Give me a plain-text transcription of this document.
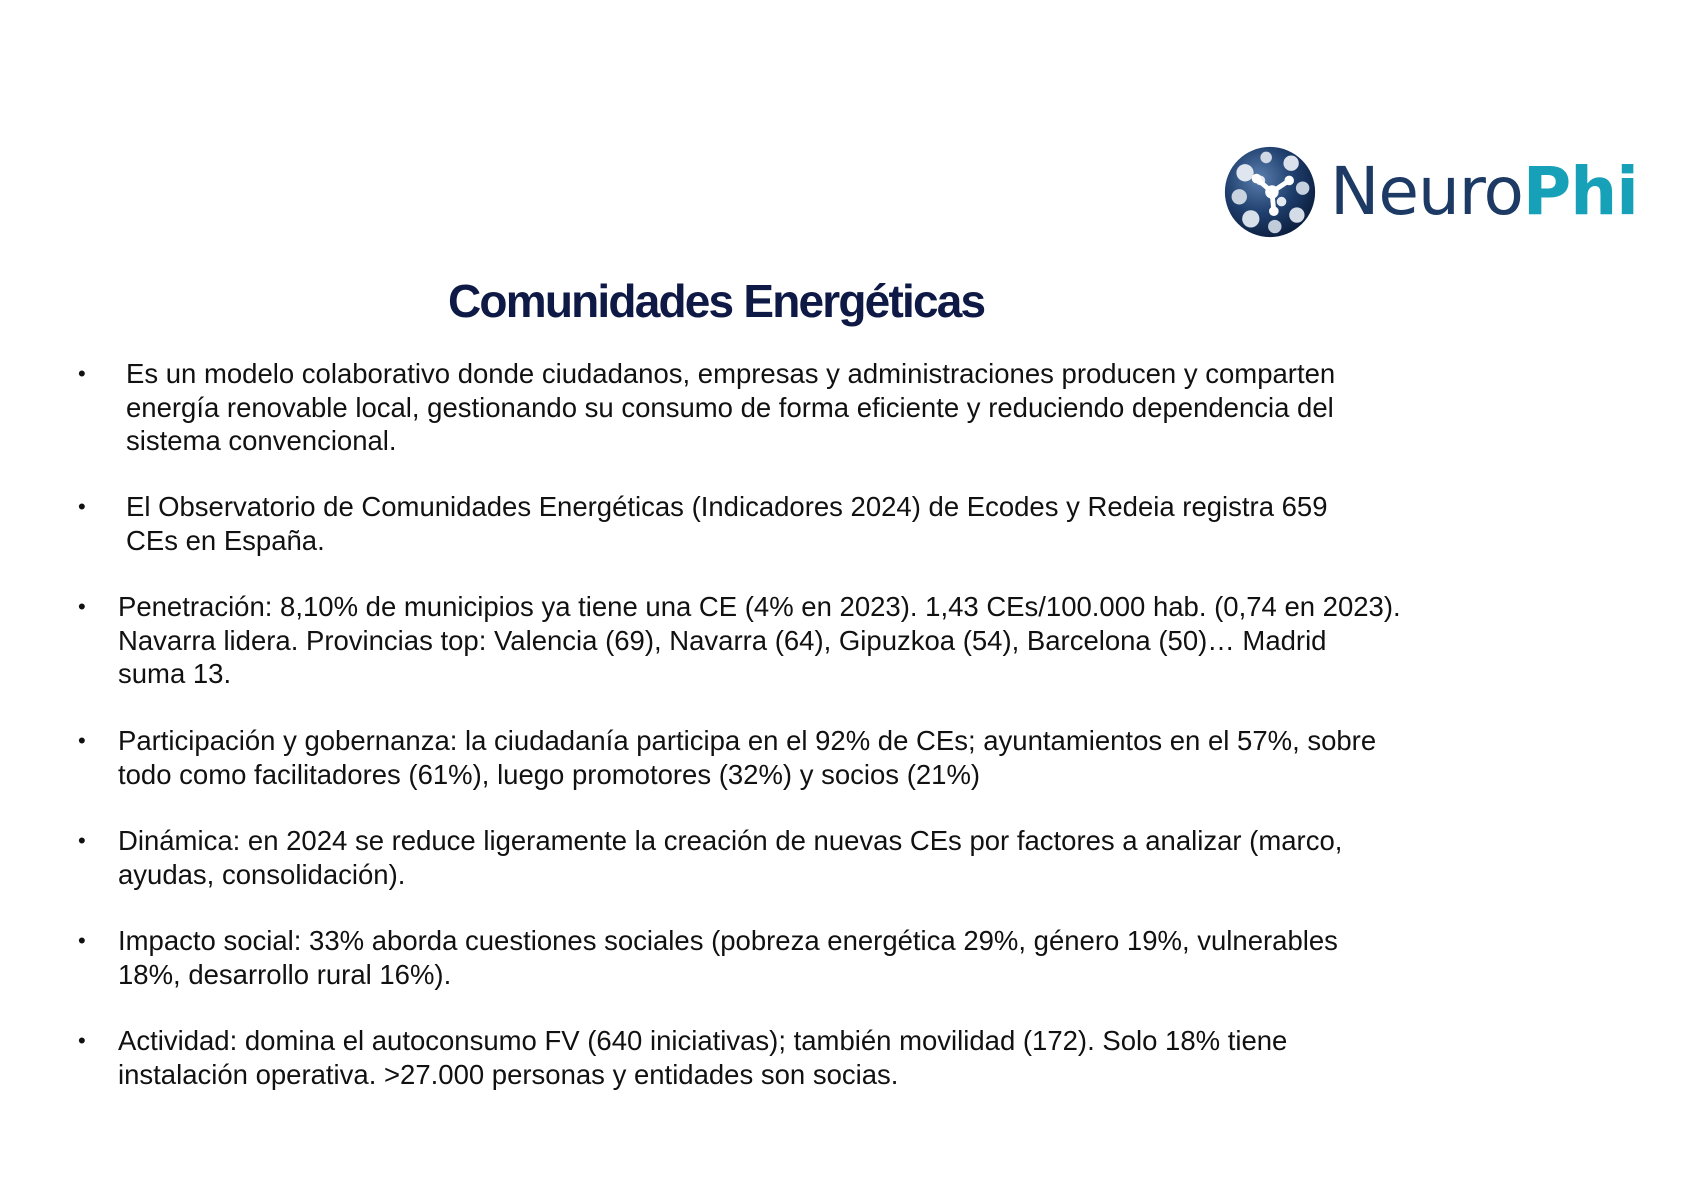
NeuroPhi
Comunidades Energéticas
• Es un modelo colaborativo donde ciudadanos, empresas y administraciones producen y comparten
energía renovable local, gestionando su consumo de forma eficiente y reduciendo dependencia del
sistema convencional.
• El Observatorio de Comunidades Energéticas (Indicadores 2024) de Ecodes y Redeia registra 659
CEs en España.
• Penetración: 8,10% de municipios ya tiene una CE (4% en 2023). 1,43 CEs/100.000 hab. (0,74 en 2023).
Navarra lidera. Provincias top: Valencia (69), Navarra (64), Gipuzkoa (54), Barcelona (50)… Madrid
suma 13.
• Participación y gobernanza: la ciudadanía participa en el 92% de CEs; ayuntamientos en el 57%, sobre
todo como facilitadores (61%), luego promotores (32%) y socios (21%)
• Dinámica: en 2024 se reduce ligeramente la creación de nuevas CEs por factores a analizar (marco,
ayudas, consolidación).
• Impacto social: 33% aborda cuestiones sociales (pobreza energética 29%, género 19%, vulnerables
18%, desarrollo rural 16%).
• Actividad: domina el autoconsumo FV (640 iniciativas); también movilidad (172). Solo 18% tiene
instalación operativa. >27.000 personas y entidades son socias.
